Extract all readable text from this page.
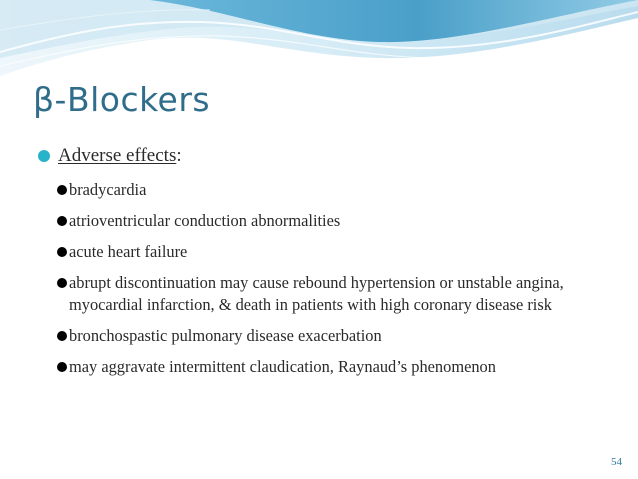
β-Blockers
Adverse effects:
bradycardia
atrioventricular conduction abnormalities
acute heart failure
abrupt discontinuation may cause rebound hypertension or unstable angina, myocardial infarction, & death in patients with high coronary disease risk
bronchospastic pulmonary disease exacerbation
may aggravate intermittent claudication, Raynaud’s phenomenon
54
